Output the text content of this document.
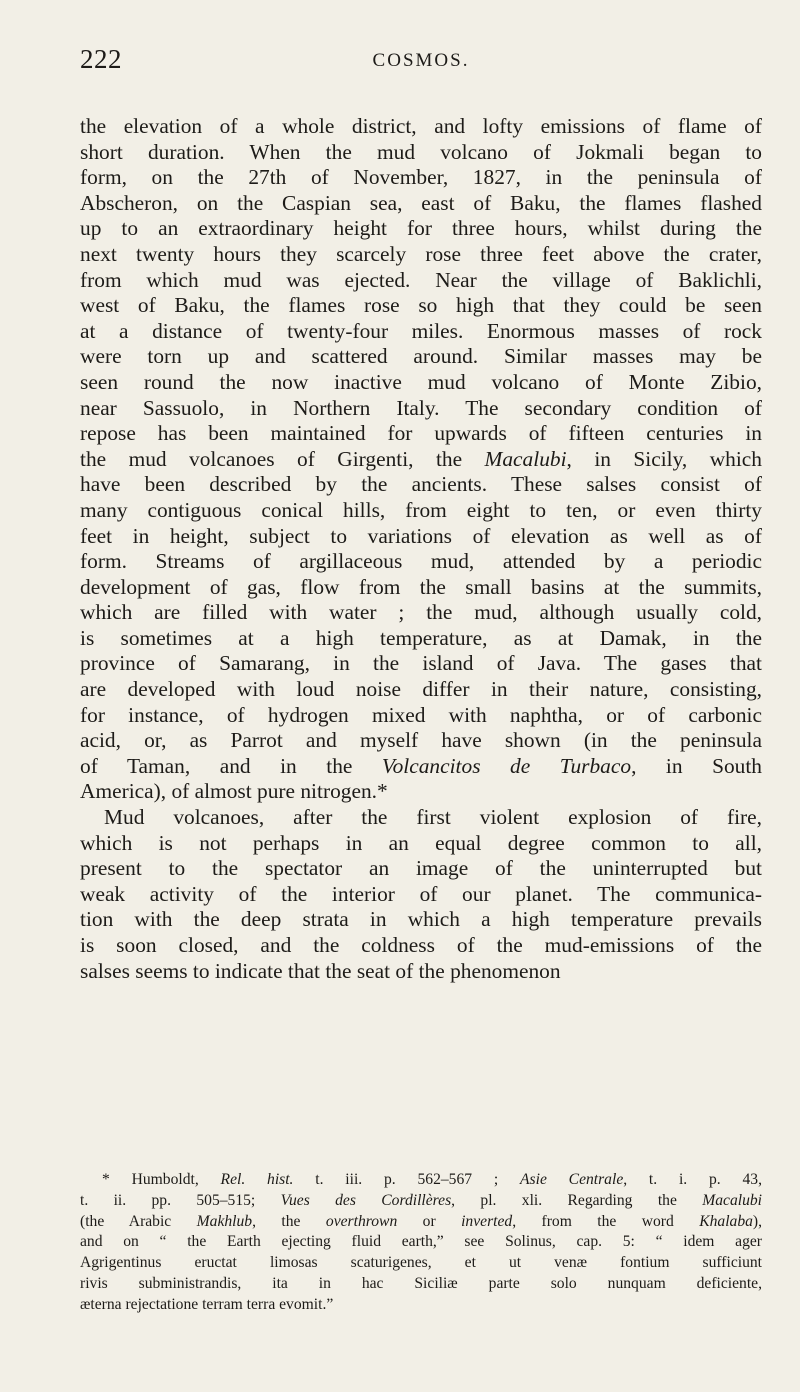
222	COSMOS.
the elevation of a whole district, and lofty emissions of flame of
short duration. When the mud volcano of Jokmali began to
form, on the 27th of November, 1827, in the peninsula of
Abscheron, on the Caspian sea, east of Baku, the flames flashed
up to an extraordinary height for three hours, whilst during the
next twenty hours they scarcely rose three feet above the crater,
from which mud was ejected. Near the village of Baklichli,
west of Baku, the flames rose so high that they could be seen
at a distance of twenty-four miles. Enormous masses of rock
were torn up and scattered around. Similar masses may be
seen round the now inactive mud volcano of Monte Zibio,
near Sassuolo, in Northern Italy. The secondary condition of
repose has been maintained for upwards of fifteen centuries in
the mud volcanoes of Girgenti, the Macalubi, in Sicily, which
have been described by the ancients. These salses consist of
many contiguous conical hills, from eight to ten, or even thirty
feet in height, subject to variations of elevation as well as of
form. Streams of argillaceous mud, attended by a periodic
development of gas, flow from the small basins at the summits,
which are filled with water ; the mud, although usually cold,
is sometimes at a high temperature, as at Damak, in the
province of Samarang, in the island of Java. The gases that
are developed with loud noise differ in their nature, consisting,
for instance, of hydrogen mixed with naphtha, or of carbonic
acid, or, as Parrot and myself have shown (in the peninsula
of Taman, and in the Volcancitos de Turbaco, in South
America), of almost pure nitrogen.*
Mud volcanoes, after the first violent explosion of fire,
which is not perhaps in an equal degree common to all,
present to the spectator an image of the uninterrupted but
weak activity of the interior of our planet. The communica-
tion with the deep strata in which a high temperature prevails
is soon closed, and the coldness of the mud-emissions of the
salses seems to indicate that the seat of the phenomenon
* Humboldt, Rel. hist. t. iii. p. 562–567 ; Asie Centrale, t. i. p. 43,
t. ii. pp. 505–515; Vues des Cordillères, pl. xli. Regarding the Macalubi
(the Arabic Makhlub, the overthrown or inverted, from the word Khalaba),
and on “ the Earth ejecting fluid earth,” see Solinus, cap. 5: “ idem ager
Agrigentinus eructat limosas scaturigenes, et ut venæ fontium sufficiunt
rivis subministrandis, ita in hac Siciliæ parte solo nunquam deficiente,
æterna rejectatione terram terra evomit.”
